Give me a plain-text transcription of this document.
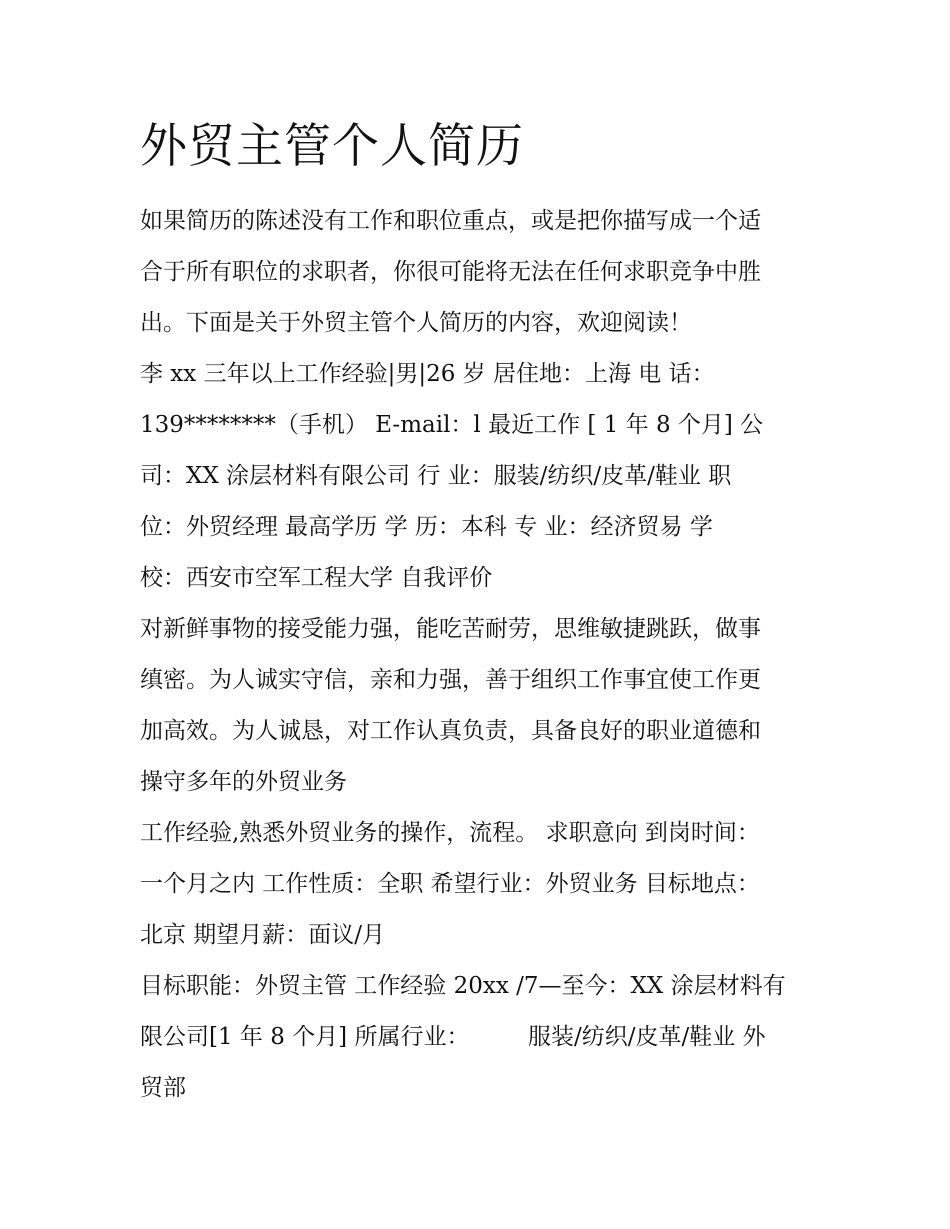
外贸主管个人简历
如果简历的陈述没有工作和职位重点，或是把你描写成一个适
合于所有职位的求职者，你很可能将无法在任何求职竞争中胜
出。下面是关于外贸主管个人简历的内容，欢迎阅读！
李 xx 三年以上工作经验|男|26 岁 居住地：上海 电 话：
139********（手机） E-mail：l 最近工作 [ 1 年 8 个月] 公
司：XX 涂层材料有限公司 行 业：服装/纺织/皮革/鞋业 职
位：外贸经理 最高学历 学 历：本科 专 业：经济贸易 学
校：西安市空军工程大学 自我评价
对新鲜事物的接受能力强，能吃苦耐劳，思维敏捷跳跃，做事
缜密。为人诚实守信，亲和力强，善于组织工作事宜使工作更
加高效。为人诚恳，对工作认真负责，具备良好的职业道德和
操守多年的外贸业务
工作经验,熟悉外贸业务的操作，流程。 求职意向 到岗时间：
一个月之内 工作性质：全职 希望行业：外贸业务 目标地点：
北京 期望月薪：面议/月
目标职能：外贸主管 工作经验 20xx /7—至今：XX 涂层材料有
限公司[1 年 8 个月] 所属行业：        服装/纺织/皮革/鞋业 外
贸部
